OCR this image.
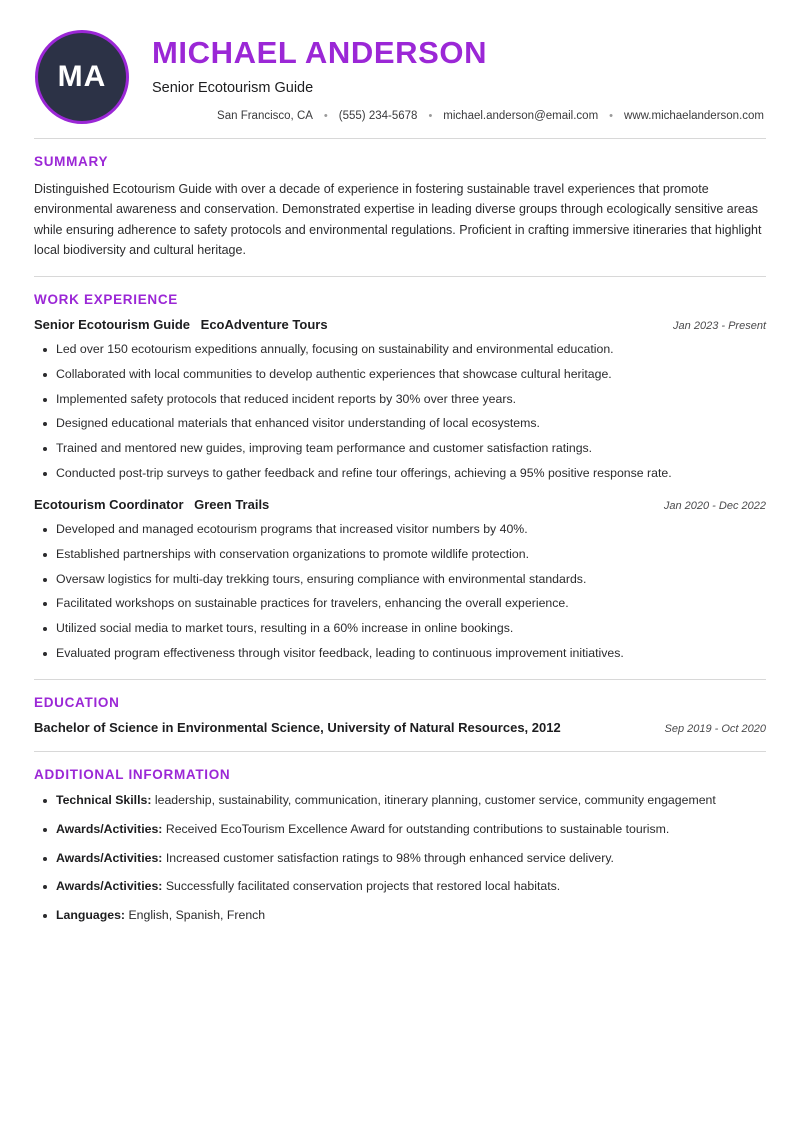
MA
MICHAEL ANDERSON
Senior Ecotourism Guide
San Francisco, CA	• (555) 234-5678	• michael.anderson@email.com	• www.michaelanderson.com
SUMMARY

Distinguished Ecotourism Guide with over a decade of experience in fostering sustainable travel experiences that promote environmental awareness and conservation. Demonstrated expertise in leading diverse groups through ecologically sensitive areas while ensuring adherence to safety protocols and environmental regulations. Proficient in crafting immersive itineraries that highlight local biodiversity and cultural heritage.

WORK EXPERIENCE
Senior Ecotourism Guide EcoAdventure Tours	Jan 2023 - Present
Led over 150 ecotourism expeditions annually, focusing on sustainability and environmental education.
Collaborated with local communities to develop authentic experiences that showcase cultural heritage.
Implemented safety protocols that reduced incident reports by 30% over three years.
Designed educational materials that enhanced visitor understanding of local ecosystems.
Trained and mentored new guides, improving team performance and customer satisfaction ratings.
Conducted post-trip surveys to gather feedback and refine tour offerings, achieving a 95% positive response rate.
Ecotourism Coordinator Green Trails	Jan 2020 - Dec 2022
Developed and managed ecotourism programs that increased visitor numbers by 40%.
Established partnerships with conservation organizations to promote wildlife protection.
Oversaw logistics for multi-day trekking tours, ensuring compliance with environmental standards.
Facilitated workshops on sustainable practices for travelers, enhancing the overall experience.
Utilized social media to market tours, resulting in a 60% increase in online bookings.
Evaluated program effectiveness through visitor feedback, leading to continuous improvement initiatives.
EDUCATION
Bachelor of Science in Environmental Science, University of Natural Resources, 2012	Sep 2019 - Oct 2020
ADDITIONAL INFORMATION
Technical Skills: leadership, sustainability, communication, itinerary planning, customer service, community engagement
Awards/Activities: Received EcoTourism Excellence Award for outstanding contributions to sustainable tourism.
Awards/Activities: Increased customer satisfaction ratings to 98% through enhanced service delivery.
Awards/Activities: Successfully facilitated conservation projects that restored local habitats.
Languages: English, Spanish, French
